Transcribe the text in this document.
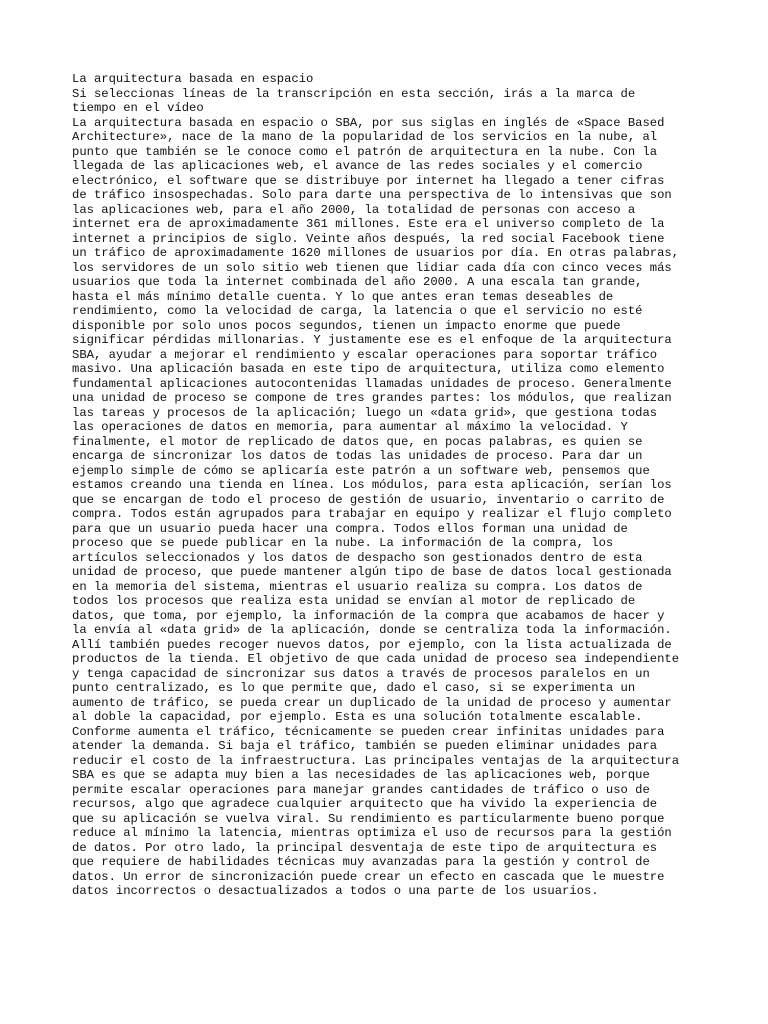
La arquitectura basada en espacio

Si seleccionas líneas de la transcripción en esta sección, irás a la marca de

tiempo en el vídeo

La arquitectura basada en espacio o SBA, por sus siglas en inglés de «Space Based

Architecture», nace de la mano de la popularidad de los servicios en la nube, al

punto que también se le conoce como el patrón de arquitectura en la nube. Con la

llegada de las aplicaciones web, el avance de las redes sociales y el comercio

electrónico, el software que se distribuye por internet ha llegado a tener cifras

de tráfico insospechadas. Solo para darte una perspectiva de lo intensivas que son

las aplicaciones web, para el año 2000, la totalidad de personas con acceso a

internet era de aproximadamente 361 millones. Este era el universo completo de la

internet a principios de siglo. Veinte años después, la red social Facebook tiene

un tráfico de aproximadamente 1620 millones de usuarios por día. En otras palabras,

los servidores de un solo sitio web tienen que lidiar cada día con cinco veces más

usuarios que toda la internet combinada del año 2000. A una escala tan grande,

hasta el más mínimo detalle cuenta. Y lo que antes eran temas deseables de

rendimiento, como la velocidad de carga, la latencia o que el servicio no esté

disponible por solo unos pocos segundos, tienen un impacto enorme que puede

significar pérdidas millonarias. Y justamente ese es el enfoque de la arquitectura

SBA, ayudar a mejorar el rendimiento y escalar operaciones para soportar tráfico

masivo. Una aplicación basada en este tipo de arquitectura, utiliza como elemento

fundamental aplicaciones autocontenidas llamadas unidades de proceso. Generalmente

una unidad de proceso se compone de tres grandes partes: los módulos, que realizan

las tareas y procesos de la aplicación; luego un «data grid», que gestiona todas

las operaciones de datos en memoria, para aumentar al máximo la velocidad. Y

finalmente, el motor de replicado de datos que, en pocas palabras, es quien se

encarga de sincronizar los datos de todas las unidades de proceso. Para dar un

ejemplo simple de cómo se aplicaría este patrón a un software web, pensemos que

estamos creando una tienda en línea. Los módulos, para esta aplicación, serían los

que se encargan de todo el proceso de gestión de usuario, inventario o carrito de

compra. Todos están agrupados para trabajar en equipo y realizar el flujo completo

para que un usuario pueda hacer una compra. Todos ellos forman una unidad de

proceso que se puede publicar en la nube. La información de la compra, los

artículos seleccionados y los datos de despacho son gestionados dentro de esta

unidad de proceso, que puede mantener algún tipo de base de datos local gestionada

en la memoria del sistema, mientras el usuario realiza su compra. Los datos de

todos los procesos que realiza esta unidad se envían al motor de replicado de

datos, que toma, por ejemplo, la información de la compra que acabamos de hacer y

la envía al «data grid» de la aplicación, donde se centraliza toda la información.

Allí también puedes recoger nuevos datos, por ejemplo, con la lista actualizada de

productos de la tienda. El objetivo de que cada unidad de proceso sea independiente

y tenga capacidad de sincronizar sus datos a través de procesos paralelos en un

punto centralizado, es lo que permite que, dado el caso, si se experimenta un

aumento de tráfico, se pueda crear un duplicado de la unidad de proceso y aumentar

al doble la capacidad, por ejemplo. Esta es una solución totalmente escalable.

Conforme aumenta el tráfico, técnicamente se pueden crear infinitas unidades para

atender la demanda. Si baja el tráfico, también se pueden eliminar unidades para

reducir el costo de la infraestructura. Las principales ventajas de la arquitectura

SBA es que se adapta muy bien a las necesidades de las aplicaciones web, porque

permite escalar operaciones para manejar grandes cantidades de tráfico o uso de

recursos, algo que agradece cualquier arquitecto que ha vivido la experiencia de

que su aplicación se vuelva viral. Su rendimiento es particularmente bueno porque

reduce al mínimo la latencia, mientras optimiza el uso de recursos para la gestión

de datos. Por otro lado, la principal desventaja de este tipo de arquitectura es

que requiere de habilidades técnicas muy avanzadas para la gestión y control de

datos. Un error de sincronización puede crear un efecto en cascada que le muestre

datos incorrectos o desactualizados a todos o una parte de los usuarios.
